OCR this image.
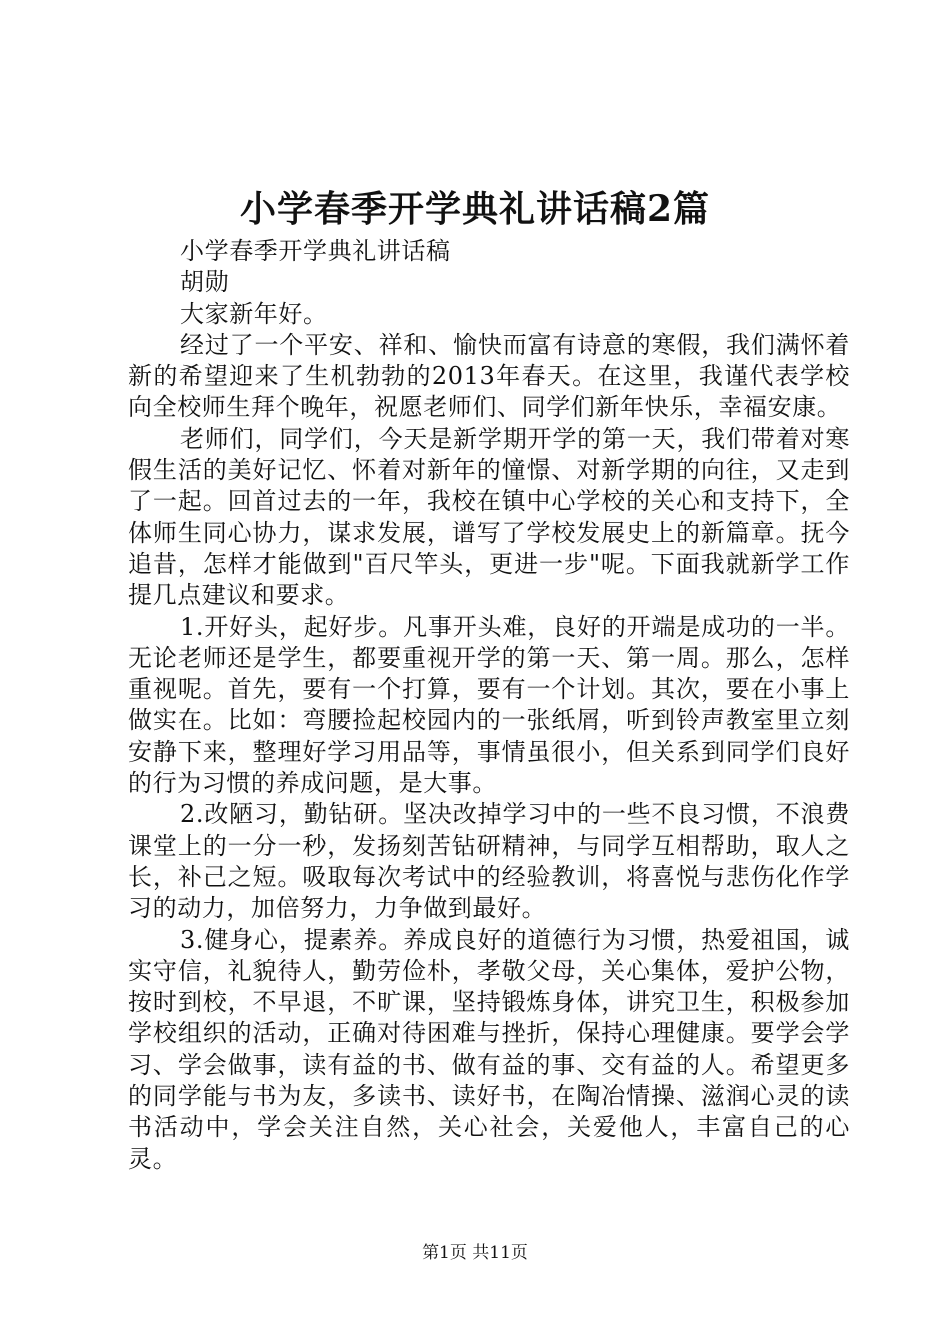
小学春季开学典礼讲话稿2篇

小学春季开学典礼讲话稿

胡勋

大家新年好。

经过了一个平安、祥和、愉快而富有诗意的寒假，我们满怀着新的希望迎来了生机勃勃的2013年春天。在这里，我谨代表学校向全校师生拜个晚年，祝愿老师们、同学们新年快乐，幸福安康。

老师们，同学们，今天是新学期开学的第一天，我们带着对寒假生活的美好记忆、怀着对新年的憧憬、对新学期的向往，又走到了一起。回首过去的一年，我校在镇中心学校的关心和支持下，全体师生同心协力，谋求发展，谱写了学校发展史上的新篇章。抚今追昔，怎样才能做到"百尺竿头，更进一步"呢。下面我就新学工作提几点建议和要求。

1.开好头，起好步。凡事开头难，良好的开端是成功的一半。无论老师还是学生，都要重视开学的第一天、第一周。那么，怎样重视呢。首先，要有一个打算，要有一个计划。其次，要在小事上做实在。比如：弯腰捡起校园内的一张纸屑，听到铃声教室里立刻安静下来，整理好学习用品等，事情虽很小，但关系到同学们良好的行为习惯的养成问题，是大事。

2.改陋习，勤钻研。坚决改掉学习中的一些不良习惯，不浪费课堂上的一分一秒，发扬刻苦钻研精神，与同学互相帮助，取人之长，补己之短。吸取每次考试中的经验教训，将喜悦与悲伤化作学习的动力，加倍努力，力争做到最好。

3.健身心，提素养。养成良好的道德行为习惯，热爱祖国，诚实守信，礼貌待人，勤劳俭朴，孝敬父母，关心集体，爱护公物，按时到校，不早退，不旷课，坚持锻炼身体，讲究卫生，积极参加学校组织的活动，正确对待困难与挫折，保持心理健康。要学会学习、学会做事，读有益的书、做有益的事、交有益的人。希望更多的同学能与书为友，多读书、读好书，在陶冶情操、滋润心灵的读书活动中，学会关注自然，关心社会，关爱他人，丰富自己的心灵。

第1页 共11页
